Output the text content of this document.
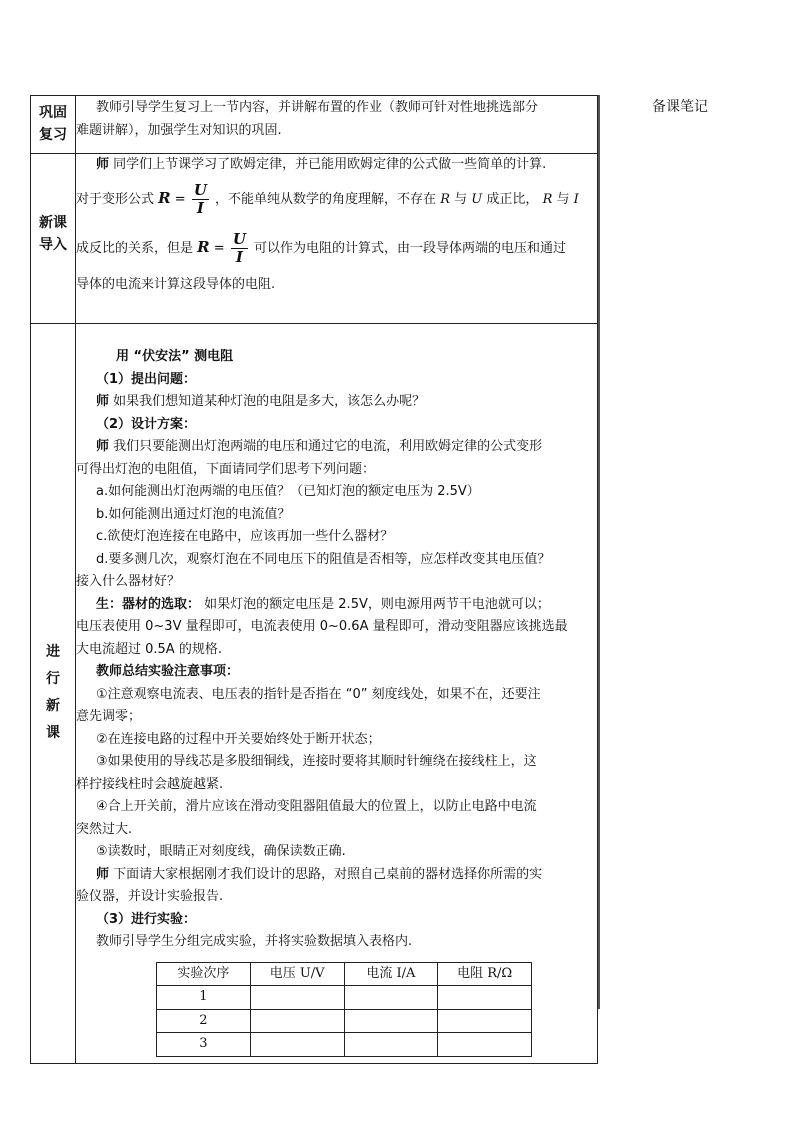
备课笔记
巩固
复习

教师引导学生复习上一节内容，并讲解布置的作业（教师可针对性地挑选部分
难题讲解），加强学生对知识的巩固.

新课
导入

师 同学们上节课学习了欧姆定律，并已能用欧姆定律的公式做一些简单的计算.
对于变形公式 $R = \frac{U}{I}$ ，不能单纯从数学的角度理解，不存在 R 与 U 成正比， R 与 I
成反比的关系，但是 $R = \frac{U}{I}$ 可以作为电阻的计算式，由一段导体两端的电压和通过
导体的电流来计算这段导体的电阻.

进
行
新
课

用 “伏安法” 测电阻
（1）提出问题：
师 如果我们想知道某种灯泡的电阻是多大，该怎么办呢？
（2）设计方案：
师 我们只要能测出灯泡两端的电压和通过它的电流，利用欧姆定律的公式变形
可得出灯泡的电阻值，下面请同学们思考下列问题：
a.如何能测出灯泡两端的电压值？（已知灯泡的额定电压为 2.5V）
b.如何能测出通过灯泡的电流值？
c.欲使灯泡连接在电路中，应该再加一些什么器材？
d.要多测几次，观察灯泡在不同电压下的阻值是否相等，应怎样改变其电压值？
接入什么器材好？
生：器材的选取： 如果灯泡的额定电压是 2.5V，则电源用两节干电池就可以；
电压表使用 0~3V 量程即可，电流表使用 0~0.6A 量程即可，滑动变阻器应该挑选最
大电流超过 0.5A 的规格.
教师总结实验注意事项：
①注意观察电流表、电压表的指针是否指在 “0” 刻度线处，如果不在，还要注
意先调零；
②在连接电路的过程中开关要始终处于断开状态；
③如果使用的导线芯是多股细铜线，连接时要将其顺时针缠绕在接线柱上，这
样拧接线柱时会越旋越紧.
④合上开关前，滑片应该在滑动变阻器阻值最大的位置上，以防止电路中电流
突然过大.
⑤读数时，眼睛正对刻度线，确保读数正确.
师 下面请大家根据刚才我们设计的思路，对照自己桌前的器材选择你所需的实
验仪器，并设计实验报告.
（3）进行实验：
教师引导学生分组完成实验，并将实验数据填入表格内.
实验次序	电压 U/V	电流 I/A	电阻 R/Ω
1			
2			
3			
